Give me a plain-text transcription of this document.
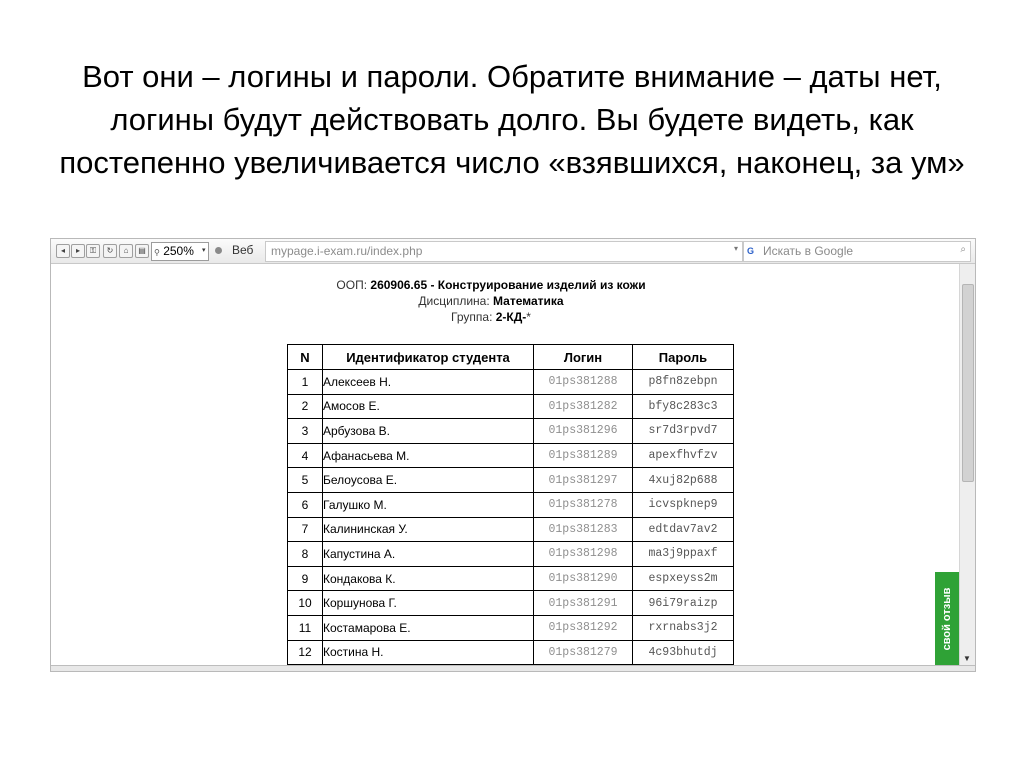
Вот они – логины и пароли. Обратите внимание – даты нет, логины будут действовать долго. Вы будете видеть, как постепенно увеличивается число «взявшихся, наконец, за ум»
◂	▸	⚿	↻	⌂	▤	⚲ 250%	▾ Веб mypage.i-exam.ru/index.php	▾ G Искать в Google	⌕
ООП: 260906.65 - Конструирование изделий из кожи
Дисциплина: Математика
Группа: 2-КД-*
N	Идентификатор студента	Логин	Пароль
1	Алексеев Н.	01ps381288	p8fn8zebpn
2	Амосов Е.	01ps381282	bfy8c283c3
3	Арбузова В.	01ps381296	sr7d3rpvd7
4	Афанасьева М.	01ps381289	apexfhvfzv
5	Белоусова Е.	01ps381297	4xuj82p688
6	Галушко М.	01ps381278	icvspknep9
7	Калининская У.	01ps381283	edtdav7av2
8	Капустина А.	01ps381298	ma3j9ppaxf
9	Кондакова К.	01ps381290	espxeyss2m
10	Коршунова Г.	01ps381291	96i79raizp
11	Костамарова Е.	01ps381292	rxrnabs3j2
12	Костина Н.	01ps381279	4c93bhutdj
свой отзыв
▼
